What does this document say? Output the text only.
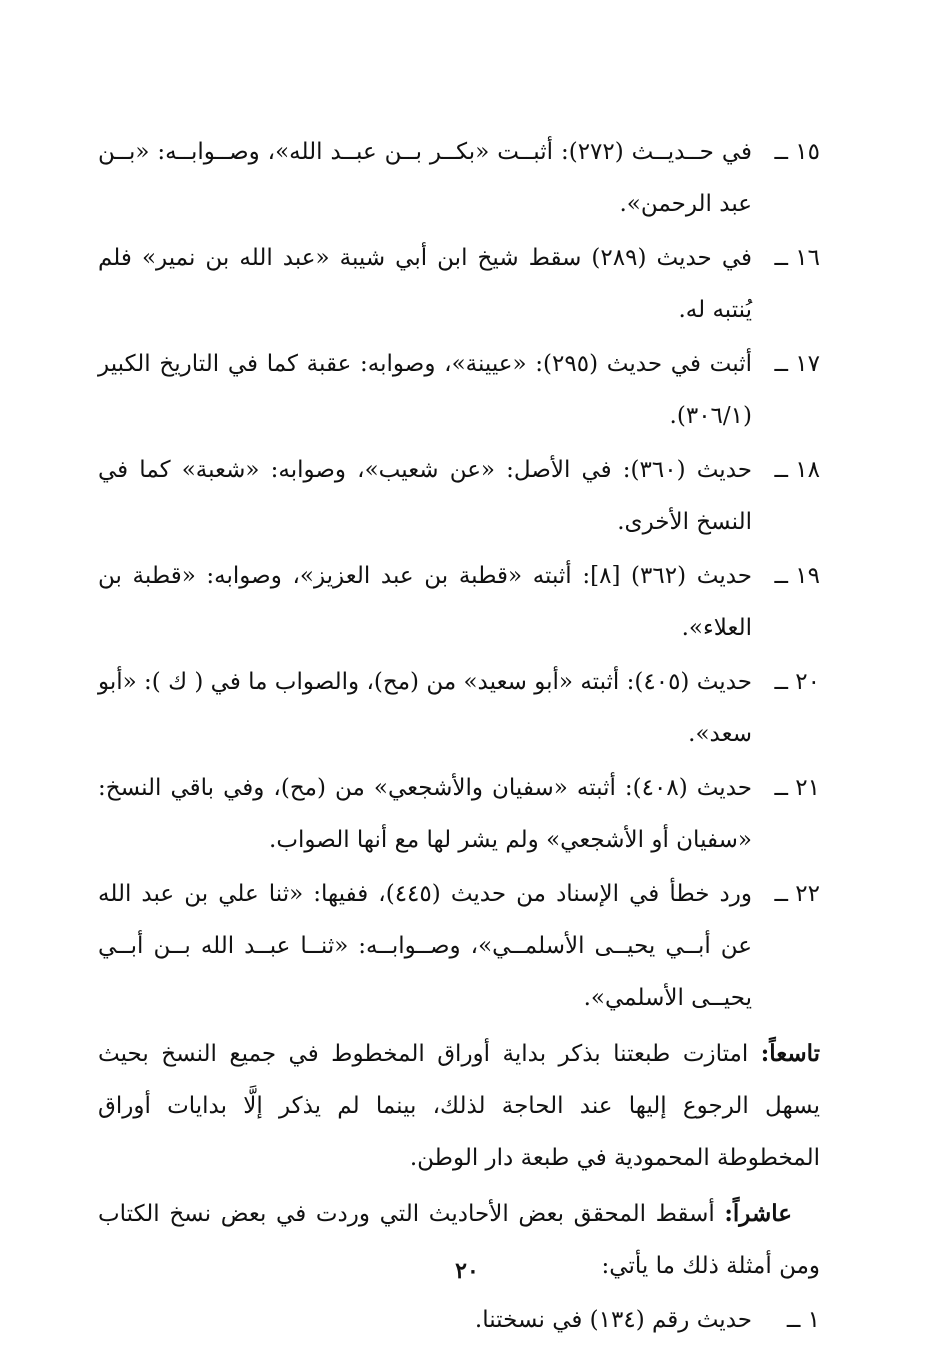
١٥ ــ
في حــديــث (٢٧٢): أثبــت «بكــر بــن عبــد الله»، وصــوابــه: «بــن عبد الرحمن».
١٦ ــ
في حديث (٢٨٩) سقط شيخ ابن أبي شيبة «عبد الله بن نمير» فلم يُنتبه له.
١٧ ــ
أثبت في حديث (٢٩٥): «عيينة»، وصوابه: عقبة كما في التاريخ الكبير (٣٠٦/١).
١٨ ــ
حديث (٣٦٠): في الأصل: «عن شعيب»، وصوابه: «شعبة» كما في النسخ الأخرى.
١٩ ــ
حديث (٣٦٢) [٨]: أثبته «قطبة بن عبد العزيز»، وصوابه: «قطبة بن العلاء».
٢٠ ــ
حديث (٤٠٥): أثبته «أبو سعيد» من (مح)، والصواب ما في ( ك ): «أبو سعد».
٢١ ــ
حديث (٤٠٨): أثبته «سفيان والأشجعي» من (مح)، وفي باقي النسخ: «سفيان أو الأشجعي» ولم يشر لها مع أنها الصواب.
٢٢ ــ
ورد خطأ في الإسناد من حديث (٤٤٥)، ففيها: «ثنا علي بن عبد الله عن أبــي يحيــى الأسلمــي»، وصــوابــه: «ثنــا عبــد الله بــن أبــي يحيــى الأسلمي».

تاسعاً: امتازت طبعتنا بذكر بداية أوراق المخطوط في جميع النسخ بحيث يسهل الرجوع إليها عند الحاجة لذلك، بينما لم يذكر إلَّا بدايات أوراق المخطوطة المحمودية في طبعة دار الوطن.

عاشراً: أسقط المحقق بعض الأحاديث التي وردت في بعض نسخ الكتاب ومن أمثلة ذلك ما يأتي:

١ ــ
حديث رقم (١٣٤) في نسختنا.
٢٠
